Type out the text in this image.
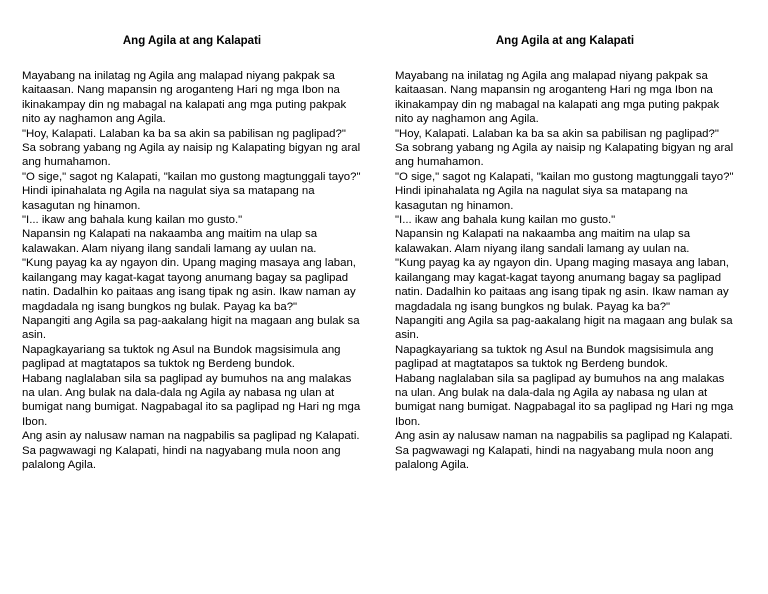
Ang Agila at ang Kalapati

Mayabang na inilatag ng Agila ang malapad niyang pakpak sa kaitaasan. Nang mapansin ng aroganteng Hari ng mga Ibon na ikinakampay din ng mabagal na kalapati ang mga puting pakpak nito ay naghamon ang Agila.

"Hoy, Kalapati. Lalaban ka ba sa akin sa pabilisan ng paglipad?" Sa sobrang yabang ng Agila ay naisip ng Kalapating bigyan ng aral ang humahamon.

"O sige," sagot ng Kalapati, "kailan mo gustong magtunggali tayo?"

Hindi ipinahalata ng Agila na nagulat siya sa matapang na kasagutan ng hinamon.

"I... ikaw ang bahala kung kailan mo gusto."

Napansin ng Kalapati na nakaamba ang maitim na ulap sa kalawakan. Alam niyang ilang sandali lamang ay uulan na.

"Kung payag ka ay ngayon din. Upang maging masaya ang laban, kailangang may kagat-kagat tayong anumang bagay sa paglipad natin. Dadalhin ko paitaas ang isang tipak ng asin. Ikaw naman ay magdadala ng isang bungkos ng bulak. Payag ka ba?"

Napangiti ang Agila sa pag-aakalang higit na magaan ang bulak sa asin.

Napagkayariang sa tuktok ng Asul na Bundok magsisimula ang paglipad at magtatapos sa tuktok ng Berdeng bundok.

Habang naglalaban sila sa paglipad ay bumuhos na ang malakas na ulan. Ang bulak na dala-dala ng Agila ay nabasa ng ulan at bumigat nang bumigat. Nagpabagal ito sa paglipad ng Hari ng mga Ibon.

Ang asin ay nalusaw naman na nagpabilis sa paglipad ng Kalapati.

Sa pagwawagi ng Kalapati, hindi na nagyabang mula noon ang palalong Agila.

Ang Agila at ang Kalapati

Mayabang na inilatag ng Agila ang malapad niyang pakpak sa kaitaasan. Nang mapansin ng aroganteng Hari ng mga Ibon na ikinakampay din ng mabagal na kalapati ang mga puting pakpak nito ay naghamon ang Agila.

"Hoy, Kalapati. Lalaban ka ba sa akin sa pabilisan ng paglipad?" Sa sobrang yabang ng Agila ay naisip ng Kalapating bigyan ng aral ang humahamon.

"O sige," sagot ng Kalapati, "kailan mo gustong magtunggali tayo?"

Hindi ipinahalata ng Agila na nagulat siya sa matapang na kasagutan ng hinamon.

"I... ikaw ang bahala kung kailan mo gusto."

Napansin ng Kalapati na nakaamba ang maitim na ulap sa kalawakan. Alam niyang ilang sandali lamang ay uulan na.

"Kung payag ka ay ngayon din. Upang maging masaya ang laban, kailangang may kagat-kagat tayong anumang bagay sa paglipad natin. Dadalhin ko paitaas ang isang tipak ng asin. Ikaw naman ay magdadala ng isang bungkos ng bulak. Payag ka ba?"

Napangiti ang Agila sa pag-aakalang higit na magaan ang bulak sa asin.

Napagkayariang sa tuktok ng Asul na Bundok magsisimula ang paglipad at magtatapos sa tuktok ng Berdeng bundok.

Habang naglalaban sila sa paglipad ay bumuhos na ang malakas na ulan. Ang bulak na dala-dala ng Agila ay nabasa ng ulan at bumigat nang bumigat. Nagpabagal ito sa paglipad ng Hari ng mga Ibon.

Ang asin ay nalusaw naman na nagpabilis sa paglipad ng Kalapati.

Sa pagwawagi ng Kalapati, hindi na nagyabang mula noon ang palalong Agila.
